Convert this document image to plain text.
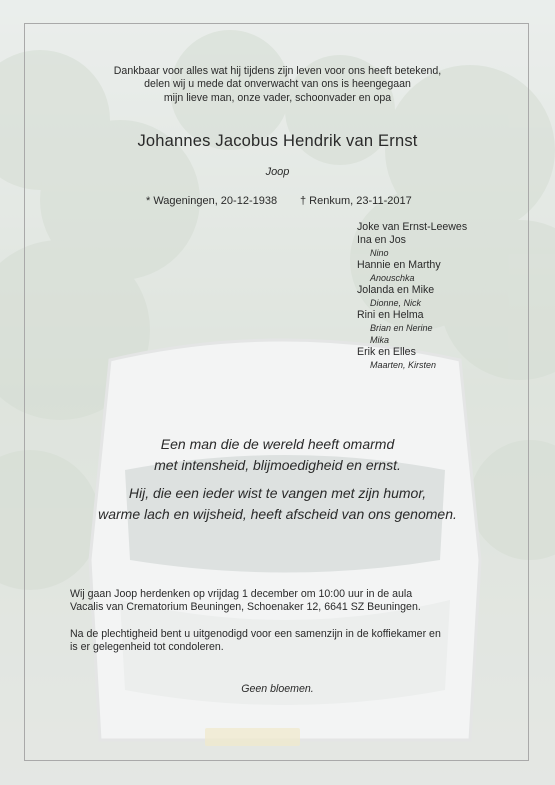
Dankbaar voor alles wat hij tijdens zijn leven voor ons heeft betekend,
delen wij u mede dat onverwacht van ons is heengegaan
mijn lieve man, onze vader, schoonvader en opa
Johannes Jacobus Hendrik van Ernst
Joop
* Wageningen, 20-12-1938 † Renkum, 23-11-2017
Joke van Ernst-Leewes
Ina en Jos
Nino
Hannie en Marthy
Anouschka
Jolanda en Mike
Dionne, Nick
Rini en Helma
Brian en Nerine
Mika
Erik en Elles
Maarten, Kirsten
Een man die de wereld heeft omarmd
met intensheid, blijmoedigheid en ernst.
Hij, die een ieder wist te vangen met zijn humor,
warme lach en wijsheid, heeft afscheid van ons genomen.
Wij gaan Joop herdenken op vrijdag 1 december om 10:00 uur in de aula
Vacalis van Crematorium Beuningen, Schoenaker 12, 6641 SZ Beuningen.
Na de plechtigheid bent u uitgenodigd voor een samenzijn in de koffiekamer en
is er gelegenheid tot condoleren.
Geen bloemen.
